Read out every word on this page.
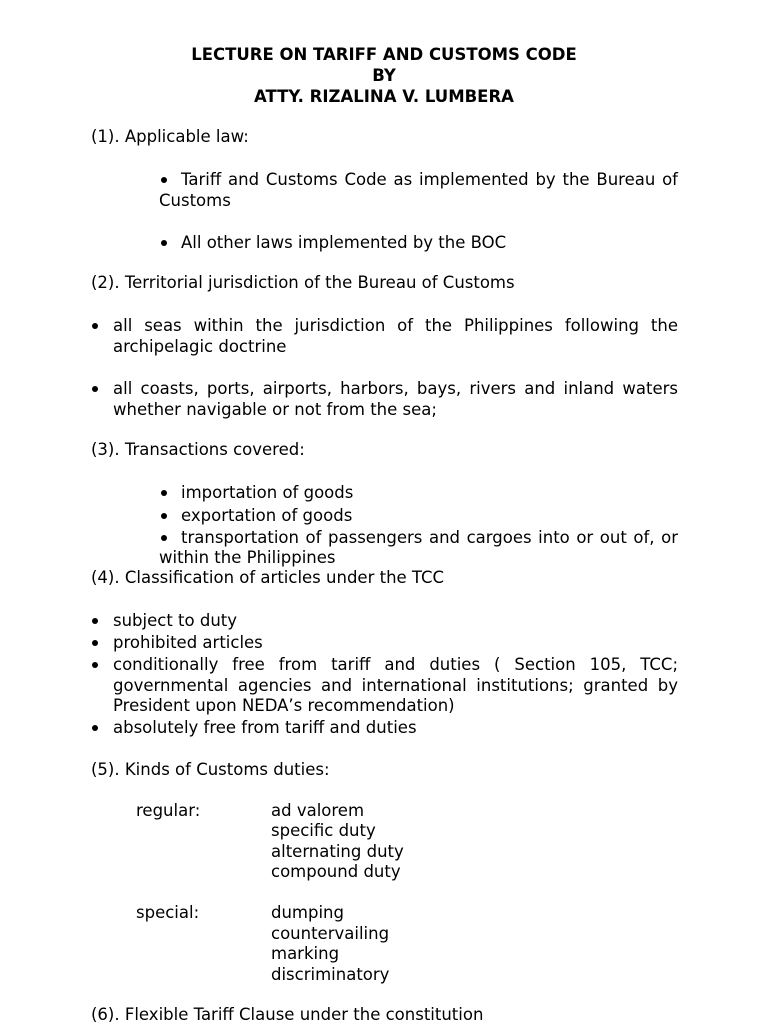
LECTURE ON TARIFF AND CUSTOMS CODE
BY
ATTY. RIZALINA V. LUMBERA
(1). Applicable law:
Tariff and Customs Code as implemented by the Bureau of Customs
All other laws implemented by the BOC
(2). Territorial jurisdiction of the Bureau of Customs
all seas within the jurisdiction of the Philippines following the archipelagic doctrine
all coasts, ports, airports, harbors, bays, rivers and inland waters whether navigable or not from the sea;
(3). Transactions covered:
importation of goods
exportation of goods
transportation of passengers and cargoes into or out of, or within the Philippines
(4). Classification of articles under the TCC
subject to duty
prohibited articles
conditionally free from tariff and duties ( Section 105, TCC; governmental agencies and international institutions; granted by President upon NEDA’s recommendation)
absolutely free from tariff and duties
(5). Kinds of Customs duties:
regular:	ad valorem
specific duty
alternating duty
compound duty
special:	dumping
countervailing
marking
discriminatory
(6). Flexible Tariff Clause under the constitution
